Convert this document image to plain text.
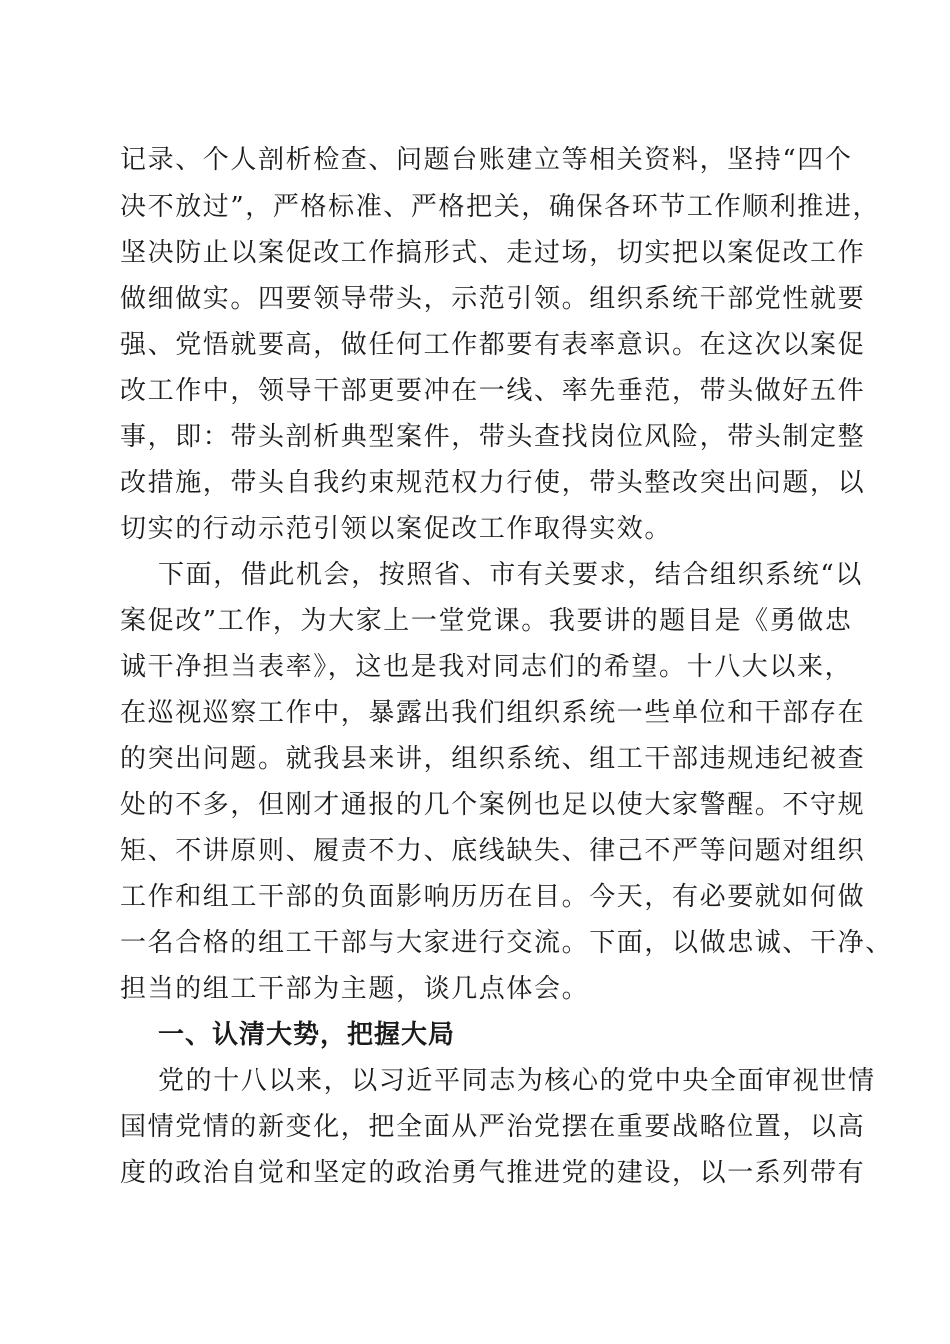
记录、个人剖析检查、问题台账建立等相关资料，坚持“四个
决不放过”，严格标准、严格把关，确保各环节工作顺利推进，
坚决防止以案促改工作搞形式、走过场，切实把以案促改工作
做细做实。四要领导带头，示范引领。组织系统干部党性就要
强、党悟就要高，做任何工作都要有表率意识。在这次以案促
改工作中，领导干部更要冲在一线、率先垂范，带头做好五件
事，即：带头剖析典型案件，带头查找岗位风险，带头制定整
改措施，带头自我约束规范权力行使，带头整改突出问题，以
切实的行动示范引领以案促改工作取得实效。
下面，借此机会，按照省、市有关要求，结合组织系统“以
案促改”工作，为大家上一堂党课。我要讲的题目是《勇做忠
诚干净担当表率》，这也是我对同志们的希望。十八大以来，
在巡视巡察工作中，暴露出我们组织系统一些单位和干部存在
的突出问题。就我县来讲，组织系统、组工干部违规违纪被查
处的不多，但刚才通报的几个案例也足以使大家警醒。不守规
矩、不讲原则、履责不力、底线缺失、律己不严等问题对组织
工作和组工干部的负面影响历历在目。今天，有必要就如何做
一名合格的组工干部与大家进行交流。下面，以做忠诚、干净、
担当的组工干部为主题，谈几点体会。
一、认清大势，把握大局
党的十八以来，以习近平同志为核心的党中央全面审视世情
国情党情的新变化，把全面从严治党摆在重要战略位置，以高
度的政治自觉和坚定的政治勇气推进党的建设，以一系列带有
